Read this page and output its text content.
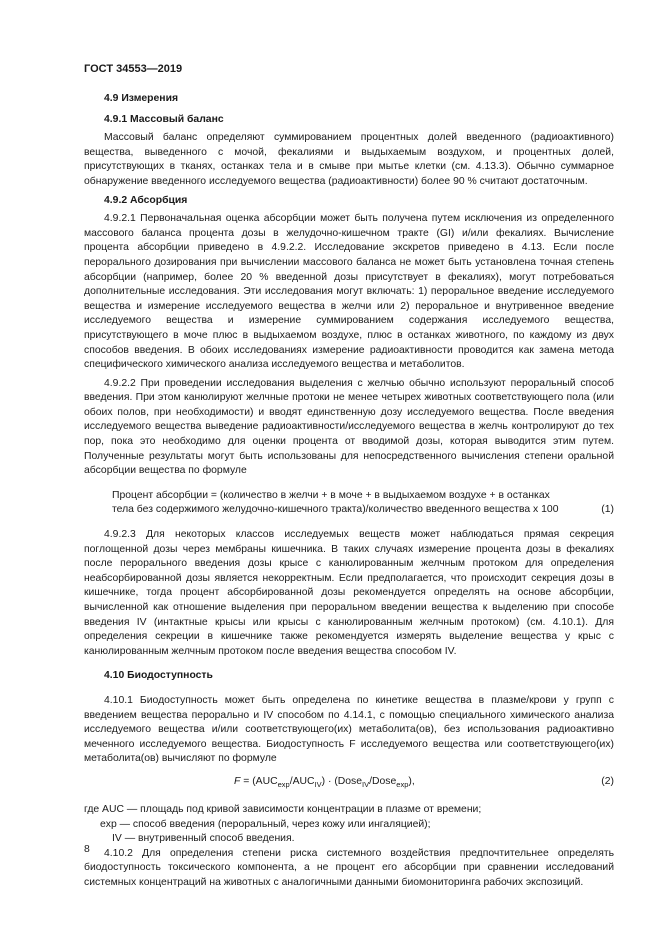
ГОСТ 34553—2019
4.9 Измерения
4.9.1 Массовый баланс

Массовый баланс определяют суммированием процентных долей введенного (радиоактивного) вещества, выведенного с мочой, фекалиями и выдыхаемым воздухом, и процентных долей, присутствующих в тканях, останках тела и в смыве при мытье клетки (см. 4.13.3). Обычно суммарное обнаружение введенного исследуемого вещества (радиоактивности) более 90 % считают достаточным.

4.9.2 Абсорбция

4.9.2.1 Первоначальная оценка абсорбции может быть получена путем исключения из определенного массового баланса процента дозы в желудочно-кишечном тракте (GI) и/или фекалиях. Вычисление процента абсорбции приведено в 4.9.2.2. Исследование экскретов приведено в 4.13. Если после перорального дозирования при вычислении массового баланса не может быть установлена точная степень абсорбции (например, более 20 % введенной дозы присутствует в фекалиях), могут потребоваться дополнительные исследования. Эти исследования могут включать: 1) пероральное введение исследуемого вещества и измерение исследуемого вещества в желчи или 2) пероральное и внутривенное введение исследуемого вещества и измерение суммированием содержания исследуемого вещества, присутствующего в моче плюс в выдыхаемом воздухе, плюс в останках животного, по каждому из двух способов введения. В обоих исследованиях измерение радиоактивности проводится как замена метода специфического химического анализа исследуемого вещества и метаболитов.

4.9.2.2 При проведении исследования выделения с желчью обычно используют пероральный способ введения. При этом канюлируют желчные протоки не менее четырех животных соответствующего пола (или обоих полов, при необходимости) и вводят единственную дозу исследуемого вещества. После введения исследуемого вещества выведение радиоактивности/исследуемого вещества в желчь контролируют до тех пор, пока это необходимо для оценки процента от вводимой дозы, которая выводится этим путем. Полученные результаты могут быть использованы для непосредственного вычисления степени оральной абсорбции вещества по формуле

Процент абсорбции = (количество в желчи + в моче + в выдыхаемом воздухе + в останках тела без содержимого желудочно-кишечного тракта)/количество введенного вещества x 100	(1)

4.9.2.3 Для некоторых классов исследуемых веществ может наблюдаться прямая секреция поглощенной дозы через мембраны кишечника. В таких случаях измерение процента дозы в фекалиях после перорального введения дозы крысе с канюлированным желчным протоком для определения неабсорбированной дозы является некорректным. Если предполагается, что происходит секреция дозы в кишечнике, тогда процент абсорбированной дозы рекомендуется определять на основе абсорбции, вычисленной как отношение выделения при пероральном введении вещества к выделению при способе введения IV (интактные крысы или крысы с канюлированным желчным протоком) (см. 4.10.1). Для определения секреции в кишечнике также рекомендуется измерять выделение вещества у крыс с канюлированным желчным протоком после введения вещества способом IV.

4.10 Биодоступность

4.10.1 Биодоступность может быть определена по кинетике вещества в плазме/крови у групп с введением вещества перорально и IV способом по 4.14.1, с помощью специального химического анализа исследуемого вещества и/или соответствующего(их) метаболита(ов), без использования радиоактивно меченного исследуемого вещества. Биодоступность F исследуемого вещества или соответствующего(их) метаболита(ов) вычисляют по формуле

$F = (AUC_{exp}/AUC_{IV})$ · (Dose$_{IV}$/Dose$_{exp}$),	(2)
где AUC — площадь под кривой зависимости концентрации в плазме от времени;
exp — способ введения (пероральный, через кожу или ингаляцией);
IV — внутривенный способ введения.

4.10.2 Для определения степени риска системного воздействия предпочтительнее определять биодоступность токсического компонента, а не процент его абсорбции при сравнении исследований системных концентраций на животных с аналогичными данными биомониторинга рабочих экспозиций.

8
